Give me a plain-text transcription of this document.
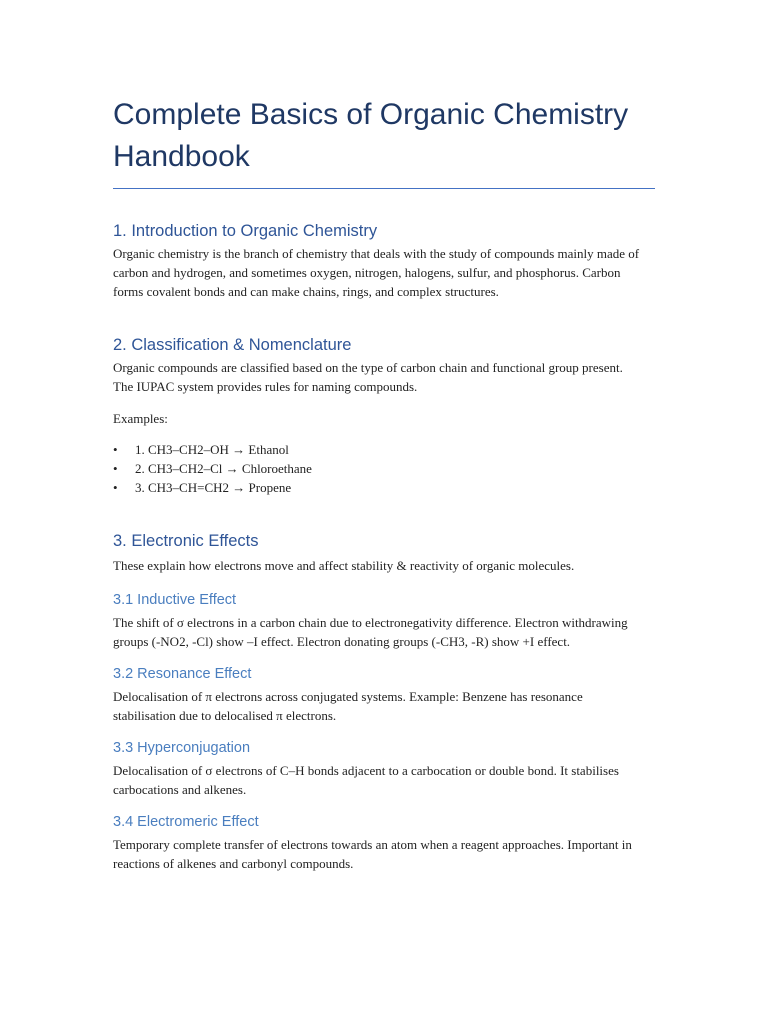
Complete Basics of Organic Chemistry Handbook
1. Introduction to Organic Chemistry

Organic chemistry is the branch of chemistry that deals with the study of compounds mainly made of carbon and hydrogen, and sometimes oxygen, nitrogen, halogens, sulfur, and phosphorus. Carbon forms covalent bonds and can make chains, rings, and complex structures.

2. Classification & Nomenclature

Organic compounds are classified based on the type of carbon chain and functional group present. The IUPAC system provides rules for naming compounds.

Examples:

• 1. CH3–CH2–OH → Ethanol
• 2. CH3–CH2–Cl → Chloroethane
• 3. CH3–CH=CH2 → Propene
3. Electronic Effects

These explain how electrons move and affect stability & reactivity of organic molecules.

3.1 Inductive Effect

The shift of σ electrons in a carbon chain due to electronegativity difference. Electron withdrawing groups (-NO2, -Cl) show –I effect. Electron donating groups (-CH3, -R) show +I effect.

3.2 Resonance Effect

Delocalisation of π electrons across conjugated systems. Example: Benzene has resonance stabilisation due to delocalised π electrons.

3.3 Hyperconjugation

Delocalisation of σ electrons of C–H bonds adjacent to a carbocation or double bond. It stabilises carbocations and alkenes.

3.4 Electromeric Effect

Temporary complete transfer of electrons towards an atom when a reagent approaches. Important in reactions of alkenes and carbonyl compounds.
